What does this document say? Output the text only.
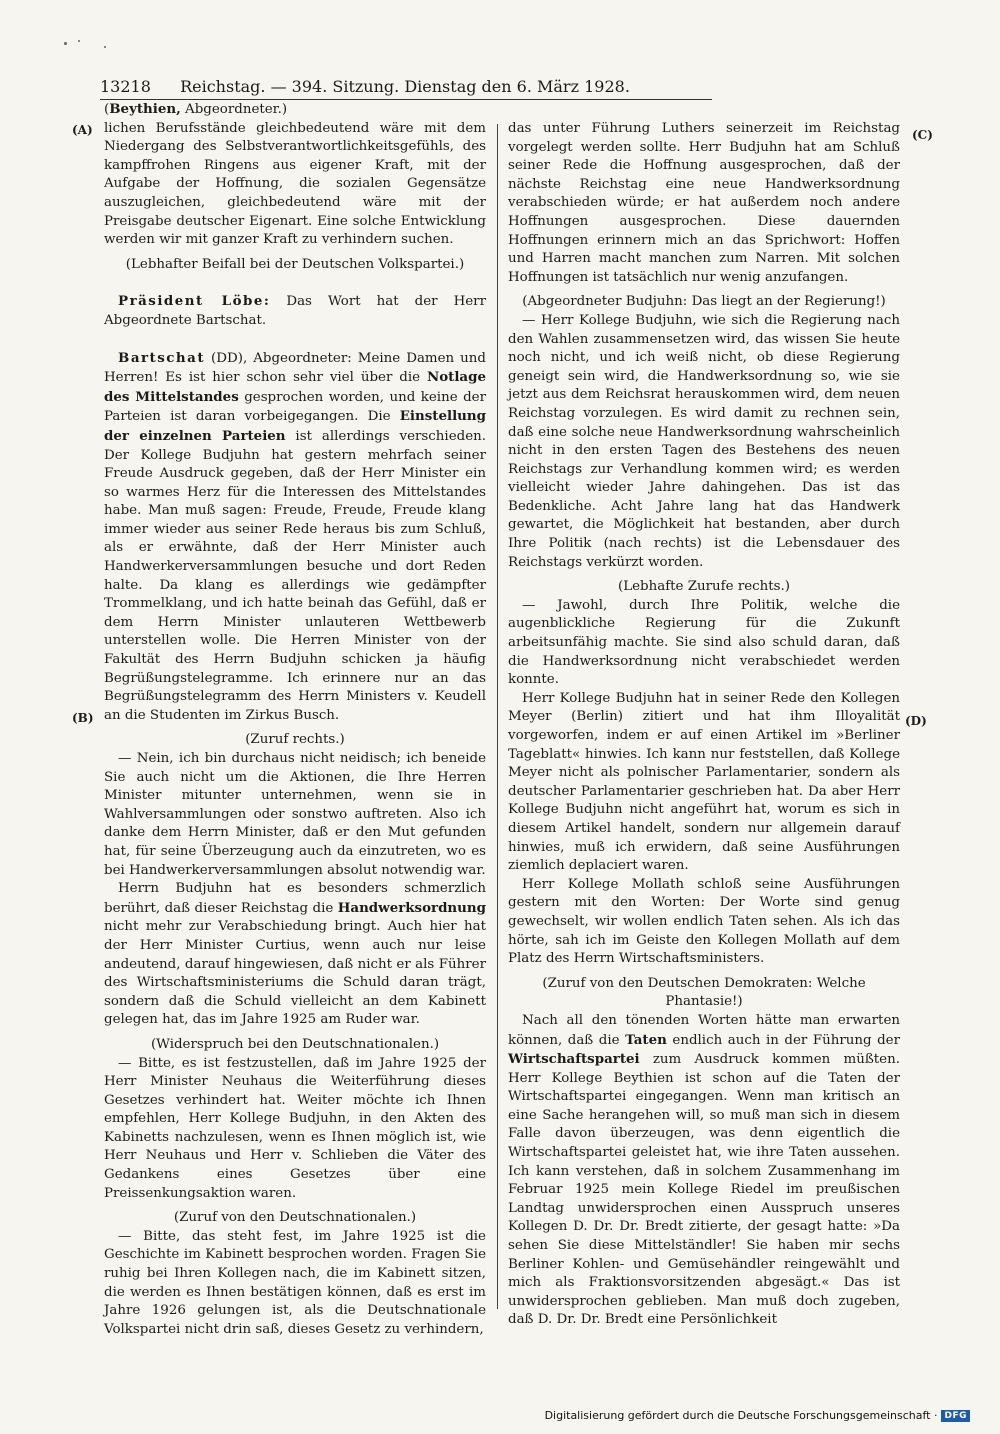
13218	Reichstag. — 394. Sitzung. Dienstag den 6. März 1928.
(A)
(B)
(C)
(D)

(Beythien, Abgeordneter.)

lichen Berufsstände gleichbedeutend wäre mit dem Niedergang des Selbstverantwortlichkeitsgefühls, des kampffrohen Ringens aus eigener Kraft, mit der Aufgabe der Hoffnung, die sozialen Gegensätze auszugleichen, gleichbedeutend wäre mit der Preisgabe deutscher Eigenart. Eine solche Entwicklung werden wir mit ganzer Kraft zu verhindern suchen.

(Lebhafter Beifall bei der Deutschen Volkspartei.)

Präsident Löbe: Das Wort hat der Herr Abgeordnete Bartschat.

Bartschat (DD), Abgeordneter: Meine Damen und Herren! Es ist hier schon sehr viel über die Notlage des Mittelstandes gesprochen worden, und keine der Parteien ist daran vorbeigegangen. Die Einstellung der einzelnen Parteien ist allerdings verschieden. Der Kollege Budjuhn hat gestern mehrfach seiner Freude Ausdruck gegeben, daß der Herr Minister ein so warmes Herz für die Interessen des Mittelstandes habe. Man muß sagen: Freude, Freude, Freude klang immer wieder aus seiner Rede heraus bis zum Schluß, als er erwähnte, daß der Herr Minister auch Handwerkerversammlungen besuche und dort Reden halte. Da klang es allerdings wie gedämpfter Trommelklang, und ich hatte beinah das Gefühl, daß er dem Herrn Minister unlauteren Wettbewerb unterstellen wolle. Die Herren Minister von der Fakultät des Herrn Budjuhn schicken ja häufig Begrüßungstelegramme. Ich erinnere nur an das Begrüßungstelegramm des Herrn Ministers v. Keudell an die Studenten im Zirkus Busch.

(Zuruf rechts.)

— Nein, ich bin durchaus nicht neidisch; ich beneide Sie auch nicht um die Aktionen, die Ihre Herren Minister mitunter unternehmen, wenn sie in Wahlversammlungen oder sonstwo auftreten. Also ich danke dem Herrn Minister, daß er den Mut gefunden hat, für seine Überzeugung auch da einzutreten, wo es bei Handwerkerversammlungen absolut notwendig war.

Herrn Budjuhn hat es besonders schmerzlich berührt, daß dieser Reichstag die Handwerksordnung nicht mehr zur Verabschiedung bringt. Auch hier hat der Herr Minister Curtius, wenn auch nur leise andeutend, darauf hingewiesen, daß nicht er als Führer des Wirtschaftsministeriums die Schuld daran trägt, sondern daß die Schuld vielleicht an dem Kabinett gelegen hat, das im Jahre 1925 am Ruder war.

(Widerspruch bei den Deutschnationalen.)

— Bitte, es ist festzustellen, daß im Jahre 1925 der Herr Minister Neuhaus die Weiterführung dieses Gesetzes verhindert hat. Weiter möchte ich Ihnen empfehlen, Herr Kollege Budjuhn, in den Akten des Kabinetts nachzulesen, wenn es Ihnen möglich ist, wie Herr Neuhaus und Herr v. Schlieben die Väter des Gedankens eines Gesetzes über eine Preissenkungsaktion waren.

(Zuruf von den Deutschnationalen.)

— Bitte, das steht fest, im Jahre 1925 ist die Geschichte im Kabinett besprochen worden. Fragen Sie ruhig bei Ihren Kollegen nach, die im Kabinett sitzen, die werden es Ihnen bestätigen können, daß es erst im Jahre 1926 gelungen ist, als die Deutschnationale Volkspartei nicht drin saß, dieses Gesetz zu verhindern,

das unter Führung Luthers seinerzeit im Reichstag vorgelegt werden sollte. Herr Budjuhn hat am Schluß seiner Rede die Hoffnung ausgesprochen, daß der nächste Reichstag eine neue Handwerksordnung verabschieden würde; er hat außerdem noch andere Hoffnungen ausgesprochen. Diese dauernden Hoffnungen erinnern mich an das Sprichwort: Hoffen und Harren macht manchen zum Narren. Mit solchen Hoffnungen ist tatsächlich nur wenig anzufangen.

(Abgeordneter Budjuhn: Das liegt an der Regierung!)

— Herr Kollege Budjuhn, wie sich die Regierung nach den Wahlen zusammensetzen wird, das wissen Sie heute noch nicht, und ich weiß nicht, ob diese Regierung geneigt sein wird, die Handwerksordnung so, wie sie jetzt aus dem Reichsrat herauskommen wird, dem neuen Reichstag vorzulegen. Es wird damit zu rechnen sein, daß eine solche neue Handwerksordnung wahrscheinlich nicht in den ersten Tagen des Bestehens des neuen Reichstags zur Verhandlung kommen wird; es werden vielleicht wieder Jahre dahingehen. Das ist das Bedenkliche. Acht Jahre lang hat das Handwerk gewartet, die Möglichkeit hat bestanden, aber durch Ihre Politik (nach rechts) ist die Lebensdauer des Reichstags verkürzt worden.

(Lebhafte Zurufe rechts.)

— Jawohl, durch Ihre Politik, welche die augenblickliche Regierung für die Zukunft arbeitsunfähig machte. Sie sind also schuld daran, daß die Handwerksordnung nicht verabschiedet werden konnte.

Herr Kollege Budjuhn hat in seiner Rede den Kollegen Meyer (Berlin) zitiert und hat ihm Illoyalität vorgeworfen, indem er auf einen Artikel im »Berliner Tageblatt« hinwies. Ich kann nur feststellen, daß Kollege Meyer nicht als polnischer Parlamentarier, sondern als deutscher Parlamentarier geschrieben hat. Da aber Herr Kollege Budjuhn nicht angeführt hat, worum es sich in diesem Artikel handelt, sondern nur allgemein darauf hinwies, muß ich erwidern, daß seine Ausführungen ziemlich deplaciert waren.

Herr Kollege Mollath schloß seine Ausführungen gestern mit den Worten: Der Worte sind genug gewechselt, wir wollen endlich Taten sehen. Als ich das hörte, sah ich im Geiste den Kollegen Mollath auf dem Platz des Herrn Wirtschaftsministers.

(Zuruf von den Deutschen Demokraten: Welche Phantasie!)

Nach all den tönenden Worten hätte man erwarten können, daß die Taten endlich auch in der Führung der Wirtschaftspartei zum Ausdruck kommen müßten. Herr Kollege Beythien ist schon auf die Taten der Wirtschaftspartei eingegangen. Wenn man kritisch an eine Sache herangehen will, so muß man sich in diesem Falle davon überzeugen, was denn eigentlich die Wirtschaftspartei geleistet hat, wie ihre Taten aussehen. Ich kann verstehen, daß in solchem Zusammenhang im Februar 1925 mein Kollege Riedel im preußischen Landtag unwidersprochen einen Ausspruch unseres Kollegen D. Dr. Dr. Bredt zitierte, der gesagt hatte: »Da sehen Sie diese Mittelständler! Sie haben mir sechs Berliner Kohlen- und Gemüsehändler reingewählt und mich als Fraktionsvorsitzenden abgesägt.« Das ist unwidersprochen geblieben. Man muß doch zugeben, daß D. Dr. Dr. Bredt eine Persönlichkeit

Digitalisierung gefördert durch die Deutsche Forschungsgemeinschaft · DFG
